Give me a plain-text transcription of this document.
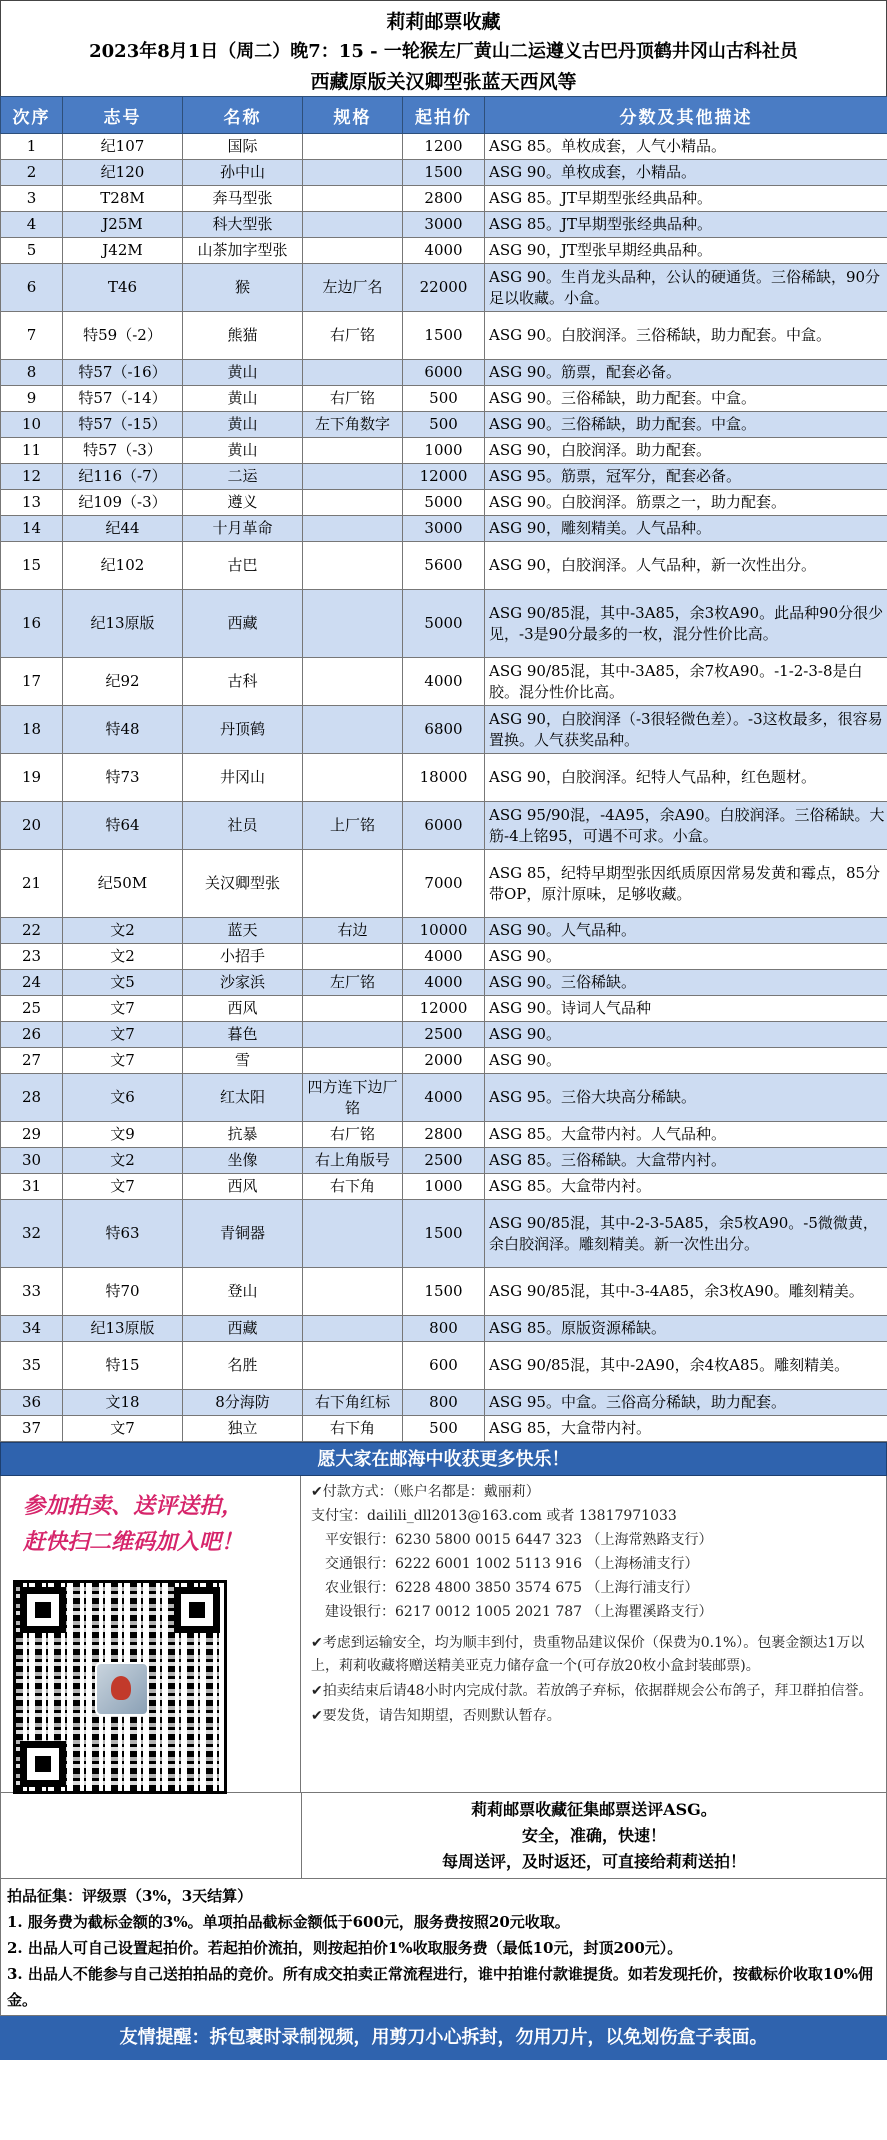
莉莉邮票收藏
2023年8月1日（周二）晚7：15 - 一轮猴左厂黄山二运遵义古巴丹顶鹤井冈山古科社员
西藏原版关汉卿型张蓝天西风等
次序	志号	名称	规格	起拍价	分数及其他描述
1	纪107	国际		1200	ASG 85。单枚成套，人气小精品。
2	纪120	孙中山		1500	ASG 90。单枚成套，小精品。
3	T28M	奔马型张		2800	ASG 85。JT早期型张经典品种。
4	J25M	科大型张		3000	ASG 85。JT早期型张经典品种。
5	J42M	山茶加字型张		4000	ASG 90，JT型张早期经典品种。
6	T46	猴	左边厂名	22000	ASG 90。生肖龙头品种，公认的硬通货。三俗稀缺，90分足以收藏。小盒。
7	特59（-2）	熊猫	右厂铭	1500	ASG 90。白胶润泽。三俗稀缺，助力配套。中盒。
8	特57（-16）	黄山		6000	ASG 90。筋票，配套必备。
9	特57（-14）	黄山	右厂铭	500	ASG 90。三俗稀缺，助力配套。中盒。
10	特57（-15）	黄山	左下角数字	500	ASG 90。三俗稀缺，助力配套。中盒。
11	特57（-3）	黄山		1000	ASG 90，白胶润泽。助力配套。
12	纪116（-7）	二运		12000	ASG 95。筋票，冠军分，配套必备。
13	纪109（-3）	遵义		5000	ASG 90。白胶润泽。筋票之一，助力配套。
14	纪44	十月革命		3000	ASG 90，雕刻精美。人气品种。
15	纪102	古巴		5600	ASG 90，白胶润泽。人气品种，新一次性出分。
16	纪13原版	西藏		5000	ASG 90/85混，其中-3A85，余3枚A90。此品种90分很少见，-3是90分最多的一枚，混分性价比高。
17	纪92	古科		4000	ASG 90/85混，其中-3A85，余7枚A90。-1-2-3-8是白胶。混分性价比高。
18	特48	丹顶鹤		6800	ASG 90，白胶润泽（-3很轻微色差）。-3这枚最多，很容易置换。人气获奖品种。
19	特73	井冈山		18000	ASG 90，白胶润泽。纪特人气品种，红色题材。
20	特64	社员	上厂铭	6000	ASG 95/90混，-4A95，余A90。白胶润泽。三俗稀缺。大筋-4上铭95，可遇不可求。小盒。
21	纪50M	关汉卿型张		7000	ASG 85，纪特早期型张因纸质原因常易发黄和霉点，85分带OP，原汁原味，足够收藏。
22	文2	蓝天	右边	10000	ASG 90。人气品种。
23	文2	小招手		4000	ASG 90。
24	文5	沙家浜	左厂铭	4000	ASG 90。三俗稀缺。
25	文7	西风		12000	ASG 90。诗词人气品种
26	文7	暮色		2500	ASG 90。
27	文7	雪		2000	ASG 90。
28	文6	红太阳	四方连下边厂铭	4000	ASG 95。三俗大块高分稀缺。
29	文9	抗暴	右厂铭	2800	ASG 85。大盒带内衬。人气品种。
30	文2	坐像	右上角版号	2500	ASG 85。三俗稀缺。大盒带内衬。
31	文7	西风	右下角	1000	ASG 85。大盒带内衬。
32	特63	青铜器		1500	ASG 90/85混，其中-2-3-5A85，余5枚A90。-5微微黄，余白胶润泽。雕刻精美。新一次性出分。
33	特70	登山		1500	ASG 90/85混，其中-3-4A85，余3枚A90。雕刻精美。
34	纪13原版	西藏		800	ASG 85。原版资源稀缺。
35	特15	名胜		600	ASG 90/85混，其中-2A90，余4枚A85。雕刻精美。
36	文18	8分海防	右下角红标	800	ASG 95。中盒。三俗高分稀缺，助力配套。
37	文7	独立	右下角	500	ASG 85，大盒带内衬。
愿大家在邮海中收获更多快乐！
参加拍卖、送评送拍，
赶快扫二维码加入吧！
✔付款方式：（账户名都是：戴丽莉）
支付宝：dailili_dll2013@163.com 或者 13817971033
平安银行：6230 5800 0015 6447 323 （上海常熟路支行）
交通银行：6222 6001 1002 5113 916 （上海杨浦支行）
农业银行：6228 4800 3850 3574 675 （上海行浦支行）
建设银行：6217 0012 1005 2021 787 （上海瞿溪路支行）
✔考虑到运输安全，均为顺丰到付，贵重物品建议保价（保费为0.1%）。包裹金额达1万以上，莉莉收藏将赠送精美亚克力储存盒一个(可存放20枚小盒封装邮票)。
✔拍卖结束后请48小时内完成付款。若放鸽子弃标，依据群规会公布鸽子，拜卫群拍信誉。
✔要发货，请告知期望，否则默认暂存。
莉莉邮票收藏征集邮票送评ASG。
安全，准确，快速！
每周送评，及时返还，可直接给莉莉送拍！
拍品征集：评级票（3%，3天结算）
1. 服务费为截标金额的3%。单项拍品截标金额低于600元，服务费按照20元收取。
2. 出品人可自己设置起拍价。若起拍价流拍，则按起拍价1%收取服务费（最低10元，封顶200元）。
3. 出品人不能参与自己送拍拍品的竞价。所有成交拍卖正常流程进行，谁中拍谁付款谁提货。如若发现托价，按截标价收取10%佣金。
友情提醒：拆包裹时录制视频，用剪刀小心拆封，勿用刀片，以免划伤盒子表面。
